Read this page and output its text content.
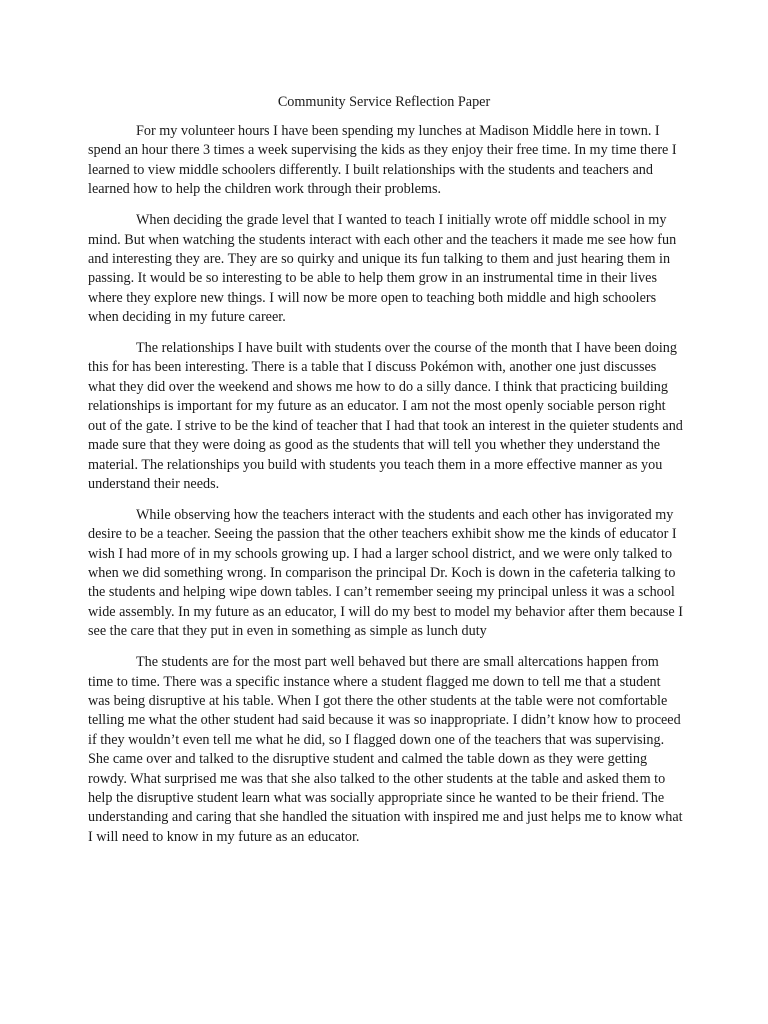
Community Service Reflection Paper

For my volunteer hours I have been spending my lunches at Madison Middle here in town. I spend an hour there 3 times a week supervising the kids as they enjoy their free time. In my time there I learned to view middle schoolers differently. I built relationships with the students and teachers and learned how to help the children work through their problems.

When deciding the grade level that I wanted to teach I initially wrote off middle school in my mind. But when watching the students interact with each other and the teachers it made me see how fun and interesting they are. They are so quirky and unique its fun talking to them and just hearing them in passing. It would be so interesting to be able to help them grow in an instrumental time in their lives where they explore new things. I will now be more open to teaching both middle and high schoolers when deciding in my future career.

The relationships I have built with students over the course of the month that I have been doing this for has been interesting. There is a table that I discuss Pokémon with, another one just discusses what they did over the weekend and shows me how to do a silly dance. I think that practicing building relationships is important for my future as an educator. I am not the most openly sociable person right out of the gate. I strive to be the kind of teacher that I had that took an interest in the quieter students and made sure that they were doing as good as the students that will tell you whether they understand the material. The relationships you build with students you teach them in a more effective manner as you understand their needs.

While observing how the teachers interact with the students and each other has invigorated my desire to be a teacher. Seeing the passion that the other teachers exhibit show me the kinds of educator I wish I had more of in my schools growing up. I had a larger school district, and we were only talked to when we did something wrong. In comparison the principal Dr. Koch is down in the cafeteria talking to the students and helping wipe down tables. I can’t remember seeing my principal unless it was a school wide assembly. In my future as an educator, I will do my best to model my behavior after them because I see the care that they put in even in something as simple as lunch duty

The students are for the most part well behaved but there are small altercations happen from time to time. There was a specific instance where a student flagged me down to tell me that a student was being disruptive at his table. When I got there the other students at the table were not comfortable telling me what the other student had said because it was so inappropriate. I didn’t know how to proceed if they wouldn’t even tell me what he did, so I flagged down one of the teachers that was supervising. She came over and talked to the disruptive student and calmed the table down as they were getting rowdy. What surprised me was that she also talked to the other students at the table and asked them to help the disruptive student learn what was socially appropriate since he wanted to be their friend. The understanding and caring that she handled the situation with inspired me and just helps me to know what I will need to know in my future as an educator.
